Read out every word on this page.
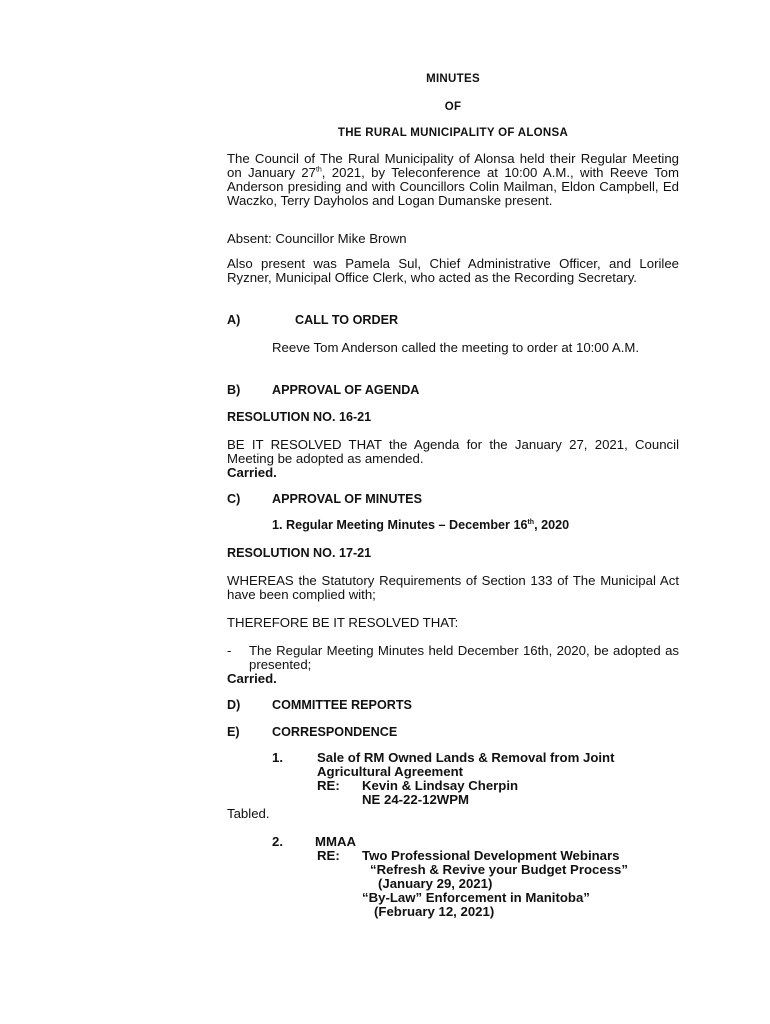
MINUTES
OF
THE RURAL MUNICIPALITY OF ALONSA

The Council of The Rural Municipality of Alonsa held their Regular Meeting on January 27th, 2021, by Teleconference at 10:00 A.M., with Reeve Tom Anderson presiding and with Councillors Colin Mailman, Eldon Campbell, Ed Waczko, Terry Dayholos and Logan Dumanske present.

Absent: Councillor Mike Brown

Also present was Pamela Sul, Chief Administrative Officer, and Lorilee Ryzner, Municipal Office Clerk, who acted as the Recording Secretary.

A)	CALL TO ORDER

Reeve Tom Anderson called the meeting to order at 10:00 A.M.

B)	APPROVAL OF AGENDA
RESOLUTION NO. 16-21

BE IT RESOLVED THAT the Agenda for the January 27, 2021, Council Meeting be adopted as amended.

Carried.
C)	APPROVAL OF MINUTES
1. Regular Meeting Minutes – December 16th, 2020
RESOLUTION NO. 17-21

WHEREAS the Statutory Requirements of Section 133 of The Municipal Act have been complied with;

THEREFORE BE IT RESOLVED THAT:

-	The Regular Meeting Minutes held December 16th, 2020, be adopted as presented;

Carried.
D)	COMMITTEE REPORTS
E)	CORRESPONDENCE
1.	Sale of RM Owned Lands & Removal from Joint Agricultural Agreement
RE:	Kevin & Lindsay Cherpin
NE 24-22-12WPM

Tabled.

2.	MMAA
RE:	Two Professional Development Webinars
“Refresh & Revive your Budget Process”
(January 29, 2021)
“By-Law” Enforcement in Manitoba”
(February 12, 2021)
